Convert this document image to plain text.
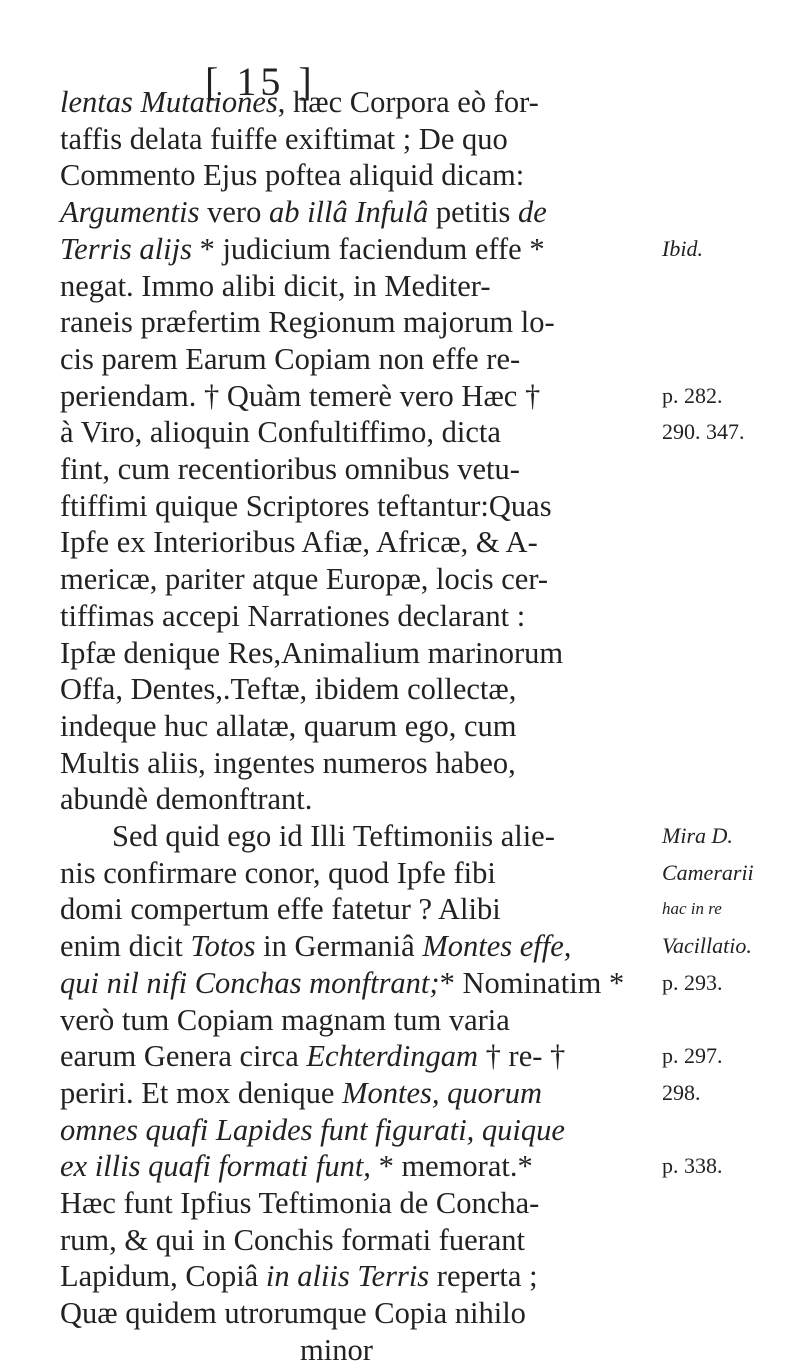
[ 15 ]
lentas Mutationes, hæc Corpora eò for-
taffis delata fuiffe exiftimat ; De quo
Commento Ejus poftea aliquid dicam:
Argumentis vero ab illâ Infulâ petitis de
Terris alijs * judicium faciendum effe *
negat. Immo alibi dicit, in Mediter-
raneis præfertim Regionum majorum lo-
cis parem Earum Copiam non effe re-
periendam. † Quàm temerè vero Hæc †
à Viro, alioquin Confultiffimo, dicta
fint, cum recentioribus omnibus vetu-
ftiffimi quique Scriptores teftantur:Quas
Ipfe ex Interioribus Afiæ, Africæ, & A-
mericæ, pariter atque Europæ, locis cer-
tiffimas accepi Narrationes declarant :
Ipfæ denique Res,Animalium marinorum
Offa, Dentes,.Teftæ, ibidem collectæ,
indeque huc allatæ, quarum ego, cum
Multis aliis, ingentes numeros habeo,
abundè demonftrant.
Sed quid ego id Illi Teftimoniis alie-
nis confirmare conor, quod Ipfe fibi
domi compertum effe fatetur ? Alibi
enim dicit Totos in Germaniâ Montes effe,
qui nil nifi Conchas monftrant;* Nominatim *
verò tum Copiam magnam tum varia
earum Genera circa Echterdingam † re- †
periri. Et mox denique Montes, quorum
omnes quafi Lapides funt figurati, quique
ex illis quafi formati funt, * memorat.*
Hæc funt Ipfius Teftimonia de Concha-
rum, & qui in Conchis formati fuerant
Lapidum, Copiâ in aliis Terris reperta ;
Quæ quidem utrorumque Copia nihilo
minor
Ibid.
p. 282.
290. 347.
Mira D.
Camerarii
hac in re
Vacillatio.
p. 293.
p. 297.
298.
p. 338.
